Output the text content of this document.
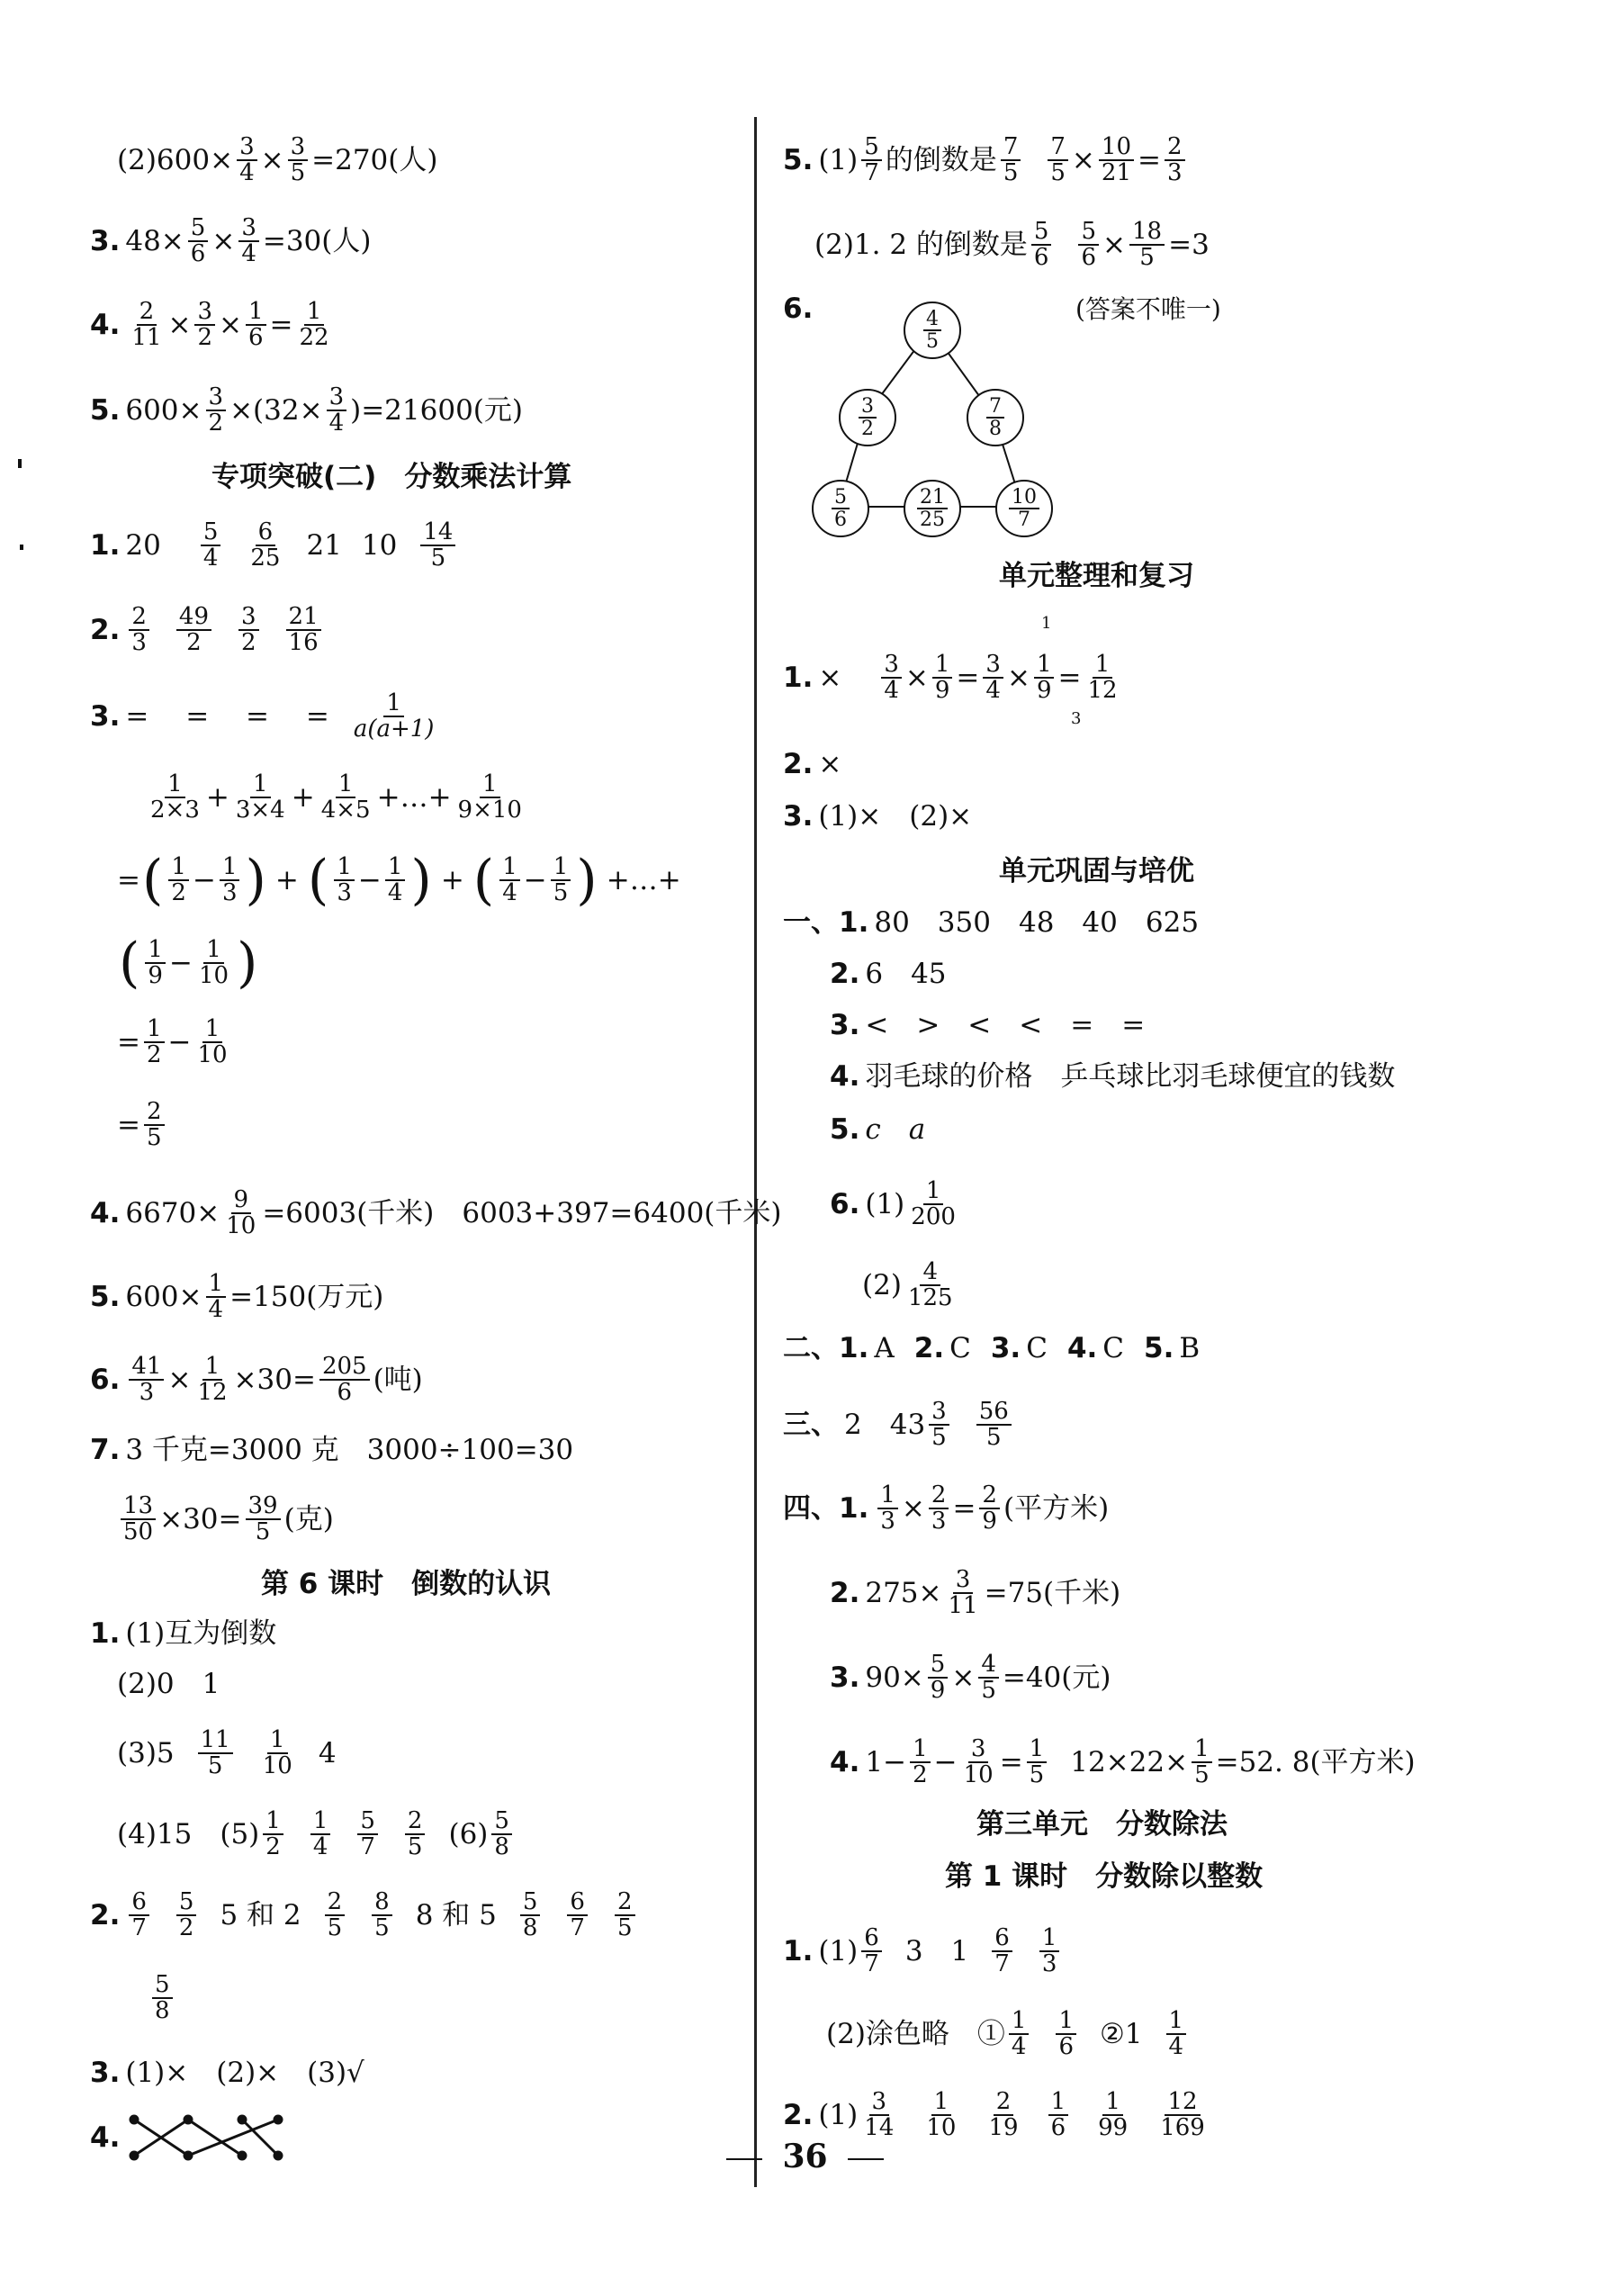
$(2)600\times \frac{3}{4} \times \frac{3}{5} =270$(人)
3. $48\times \frac{5}{6} \times \frac{3}{4} =30$(人)
4. $\frac{2}{11} \times \frac{3}{2} \times \frac{1}{6} = \frac{1}{22}$
5. $600\times \frac{3}{2} \times(32\times \frac{3}{4} )=21600$(元)
专项突破(二)　分数乘法计算
1. $20 \frac{5}{4} \frac{6}{25} 21$ $10 \frac{14}{5}$
2. $\frac{2}{3} \frac{49}{2} \frac{3}{2} \frac{21}{16}$
3. =　 =　 =　 = $\frac{1}{a(a+1)}$
$\frac{1}{2\times 3} + \frac{1}{3\times 4} + \frac{1}{4\times 5}$ +…+ $\frac{1}{9\times 10}$
= ( $\frac{1}{2} - \frac{1}{3}$ ) + ( $\frac{1}{3} - \frac{1}{4}$ ) + ( $\frac{1}{4} - \frac{1}{5}$ ) +…+
( $\frac{1}{9} - \frac{1}{10}$ )
= $\frac{1}{2} - \frac{1}{10}$
= $\frac{2}{5}$
4. $6670\times \frac{9}{10} =6003$(千米)　6003+397=6400(千米)
5. $600\times \frac{1}{4} =150$(万元)
6. $\frac{41}{3} \times \frac{1}{12} \times 30= \frac{205}{6}$ (吨)
7. 3 千克=3000 克　3000÷100=30
$\frac{13}{50} \times 30= \frac{39}{5}$ (克)
第 6 课时　倒数的认识
1. (1)互为倒数
(2)0　1
$(3)5 \frac{11}{5} \frac{1}{10} 4$
(4)15　$(5) \frac{1}{2} \frac{1}{4} \frac{5}{7} \frac{2}{5} (6) \frac{5}{8}$
2. $\frac{6}{7} \frac{5}{2} 5$ 和 $2 \frac{2}{5} \frac{8}{5} 8$ 和 $5 \frac{5}{8} \frac{6}{7} \frac{2}{5}$
$\frac{5}{8}$
3. (1)×　(2)×　(3)√
4.
5. $(1) \frac{5}{7}$ 的倒数是 $\frac{7}{5} \frac{7}{5} \times \frac{10}{21} = \frac{2}{3}$
(2)1. 2 的倒数是 $\frac{5}{6} \frac{5}{6} \times \frac{18}{5} =3$
6.	(答案不唯一)
$\frac{4}{5}$
$\frac{3}{2}$	$\frac{7}{8}$
$\frac{5}{6}$	$\frac{21}{25}$	$\frac{10}{7}$
单元整理和复习
1
1. × $\frac{3}{4} \times \frac{1}{9} = \frac{3}{4} \times \frac{1}{9} = \frac{1}{12}$
3
2. ×
3. (1)×　(2)×
单元巩固与培优
一、1. 80　350　48　40　625
2. 6　45
3. <　>　<　<　=　=
4. 羽毛球的价格　乒乓球比羽毛球便宜的钱数
5. c　a
6. $(1) \frac{1}{200}$
$(2) \frac{4}{125}$
二、1. A 2. C 3. C 4. C 5. B
三、 2　$43 \frac{3}{5} \frac{56}{5}$
四、1. $\frac{1}{3} \times \frac{2}{3} = \frac{2}{9}$ (平方米)
2. $275\times \frac{3}{11} =75$(千米)
3. $90\times \frac{5}{9} \times \frac{4}{5} =40$(元)
4. $1- \frac{1}{2} - \frac{3}{10} = \frac{1}{5} 12\times 22\times \frac{1}{5} =52$. 8(平方米)
第三单元　分数除法
第 1 课时　分数除以整数
1. $(1) \frac{6}{7} 3$　$1 \frac{6}{7} \frac{1}{3}$
(2)涂色略　① $\frac{1}{4} \frac{1}{6}$ ②1 $\frac{1}{4}$
2. $(1) \frac{3}{14} \frac{1}{10} \frac{2}{19} \frac{1}{6} \frac{1}{99} \frac{12}{169}$
36
